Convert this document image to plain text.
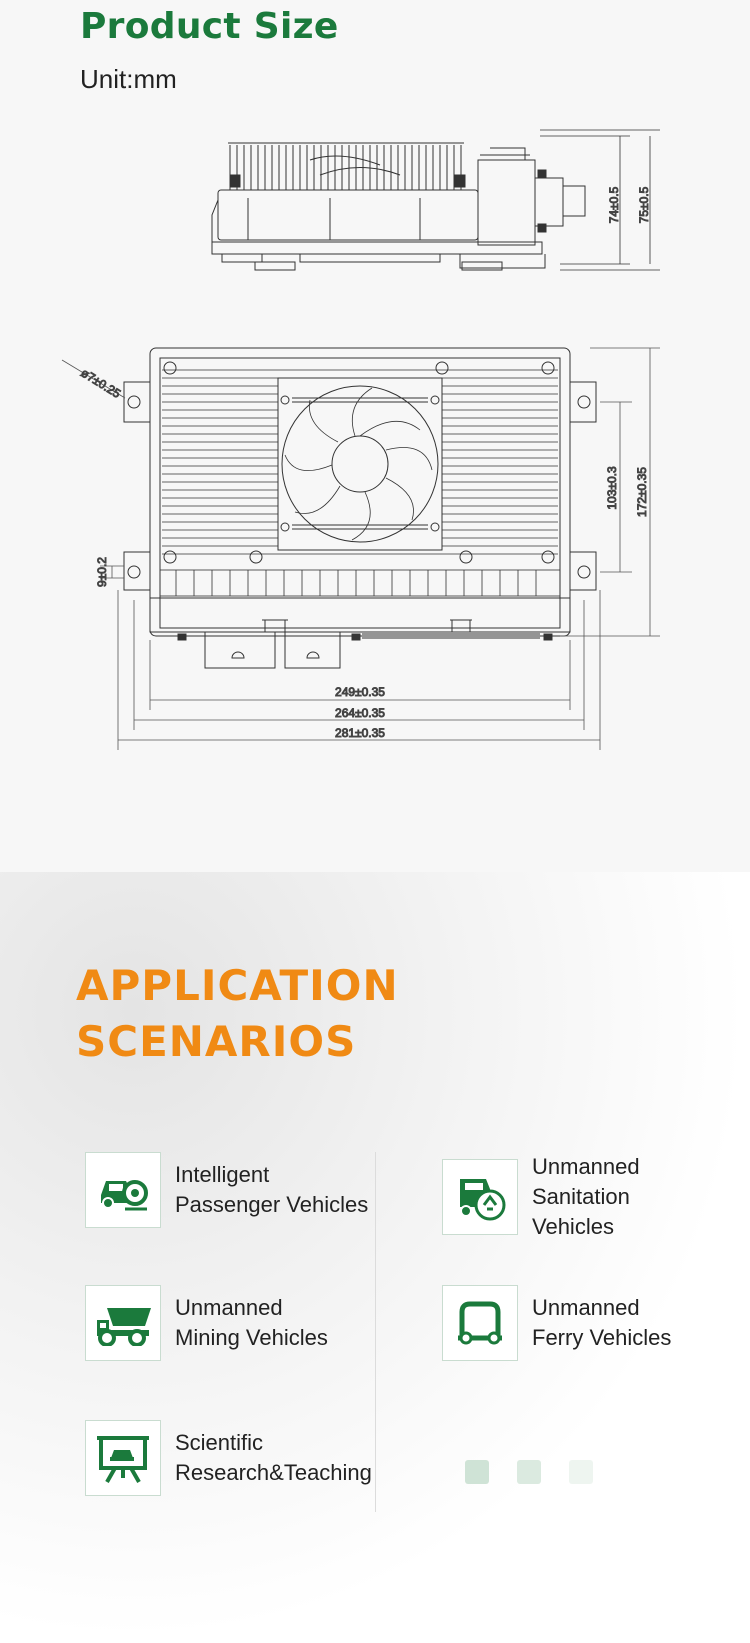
Product Size
Unit:mm
74±0.5 75±0.5
ø7±0.25
103±0.3 172±0.35
9±0.2
249±0.35
264±0.35
281±0.35
APPLICATION
SCENARIOS
Intelligent
Passenger Vehicles
Unmanned
Sanitation
Vehicles
Unmanned
Mining Vehicles
Unmanned
Ferry Vehicles
Scientific
Research&Teaching
